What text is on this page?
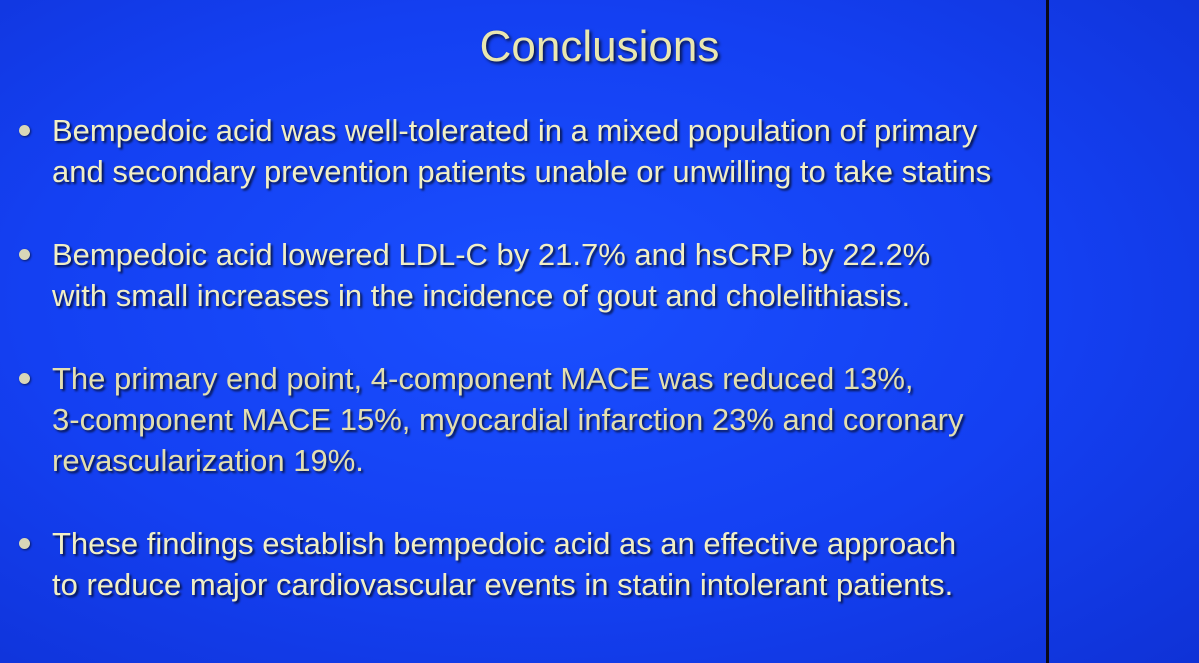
Conclusions
Bempedoic acid was well-tolerated in a mixed population of primary
and secondary prevention patients unable or unwilling to take statins
Bempedoic acid lowered LDL-C by 21.7% and hsCRP by 22.2%
with small increases in the incidence of gout and cholelithiasis.
The primary end point, 4-component MACE was reduced 13%,
3-component MACE 15%, myocardial infarction 23% and coronary
revascularization 19%.
These findings establish bempedoic acid as an effective approach
to reduce major cardiovascular events in statin intolerant patients.
